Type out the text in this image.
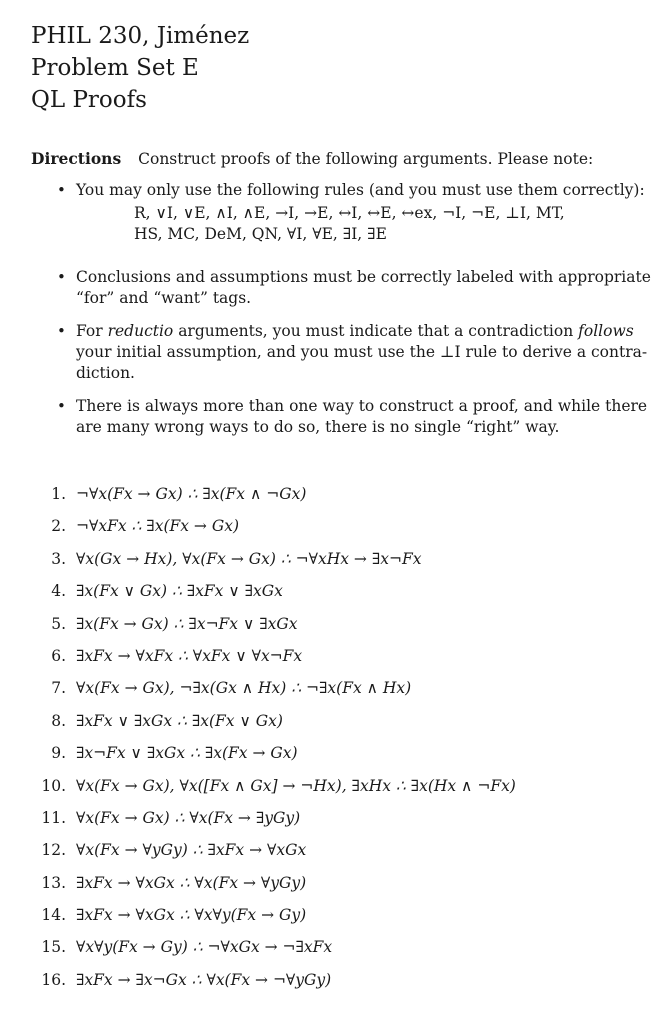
PHIL 230, Jiménez
Problem Set E
QL Proofs
Directions Construct proofs of the following arguments. Please note:
• You may only use the following rules (and you must use them correctly):
R, ∨I, ∨E, ∧I, ∧E, →I, →E, ↔I, ↔E, ↔ex, ¬I, ¬E, ⊥I, MT,
HS, MC, DeM, QN, ∀I, ∀E, ∃I, ∃E
• Conclusions and assumptions must be correctly labeled with appropriate
“for” and “want” tags.
• For reductio arguments, you must indicate that a contradiction follows
your initial assumption, and you must use the ⊥I rule to derive a contra-
diction.
• There is always more than one way to construct a proof, and while there
are many wrong ways to do so, there is no single “right” way.
1. ¬∀x(Fx → Gx) ∴ ∃x(Fx ∧ ¬Gx)
2. ¬∀xFx ∴ ∃x(Fx → Gx)
3. ∀x(Gx → Hx), ∀x(Fx → Gx) ∴ ¬∀xHx → ∃x¬Fx
4. ∃x(Fx ∨ Gx) ∴ ∃xFx ∨ ∃xGx
5. ∃x(Fx → Gx) ∴ ∃x¬Fx ∨ ∃xGx
6. ∃xFx → ∀xFx ∴ ∀xFx ∨ ∀x¬Fx
7. ∀x(Fx → Gx), ¬∃x(Gx ∧ Hx) ∴ ¬∃x(Fx ∧ Hx)
8. ∃xFx ∨ ∃xGx ∴ ∃x(Fx ∨ Gx)
9. ∃x¬Fx ∨ ∃xGx ∴ ∃x(Fx → Gx)
10. ∀x(Fx → Gx), ∀x([Fx ∧ Gx] → ¬Hx), ∃xHx ∴ ∃x(Hx ∧ ¬Fx)
11. ∀x(Fx → Gx) ∴ ∀x(Fx → ∃yGy)
12. ∀x(Fx → ∀yGy) ∴ ∃xFx → ∀xGx
13. ∃xFx → ∀xGx ∴ ∀x(Fx → ∀yGy)
14. ∃xFx → ∀xGx ∴ ∀x∀y(Fx → Gy)
15. ∀x∀y(Fx → Gy) ∴ ¬∀xGx → ¬∃xFx
16. ∃xFx → ∃x¬Gx ∴ ∀x(Fx → ¬∀yGy)
